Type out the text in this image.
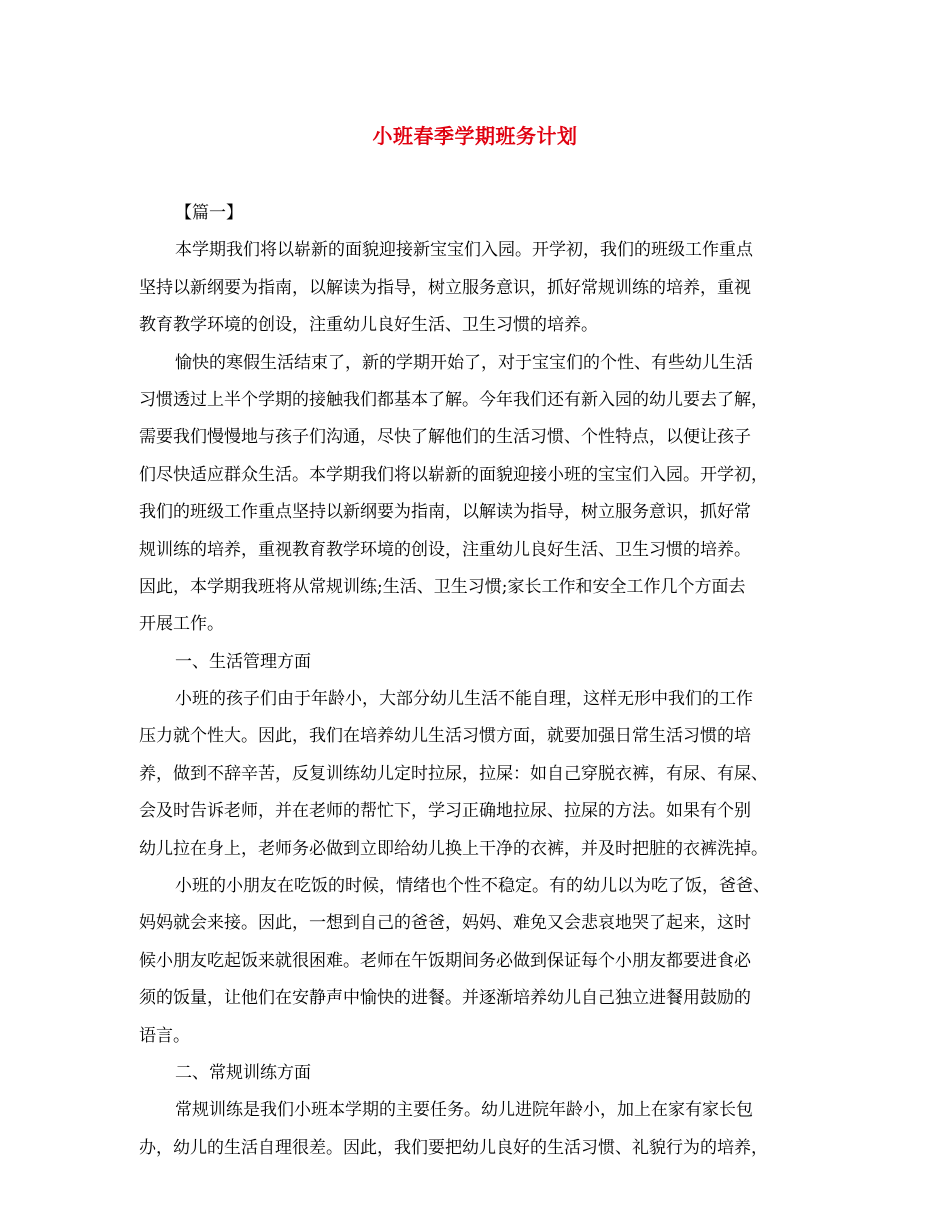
小班春季学期班务计划
【篇一】
本学期我们将以崭新的面貌迎接新宝宝们入园。开学初，我们的班级工作重点
坚持以新纲要为指南，以解读为指导，树立服务意识，抓好常规训练的培养，重视
教育教学环境的创设，注重幼儿良好生活、卫生习惯的培养。
愉快的寒假生活结束了，新的学期开始了，对于宝宝们的个性、有些幼儿生活
习惯透过上半个学期的接触我们都基本了解。今年我们还有新入园的幼儿要去了解，
需要我们慢慢地与孩子们沟通，尽快了解他们的生活习惯、个性特点，以便让孩子
们尽快适应群众生活。本学期我们将以崭新的面貌迎接小班的宝宝们入园。开学初，
我们的班级工作重点坚持以新纲要为指南，以解读为指导，树立服务意识，抓好常
规训练的培养，重视教育教学环境的创设，注重幼儿良好生活、卫生习惯的培养。
因此，本学期我班将从常规训练;生活、卫生习惯;家长工作和安全工作几个方面去
开展工作。
一、生活管理方面
小班的孩子们由于年龄小，大部分幼儿生活不能自理，这样无形中我们的工作
压力就个性大。因此，我们在培养幼儿生活习惯方面，就要加强日常生活习惯的培
养，做到不辞辛苦，反复训练幼儿定时拉尿，拉屎：如自己穿脱衣裤，有尿、有屎、
会及时告诉老师，并在老师的帮忙下，学习正确地拉尿、拉屎的方法。如果有个别
幼儿拉在身上，老师务必做到立即给幼儿换上干净的衣裤，并及时把脏的衣裤洗掉。
小班的小朋友在吃饭的时候，情绪也个性不稳定。有的幼儿以为吃了饭，爸爸、
妈妈就会来接。因此，一想到自己的爸爸，妈妈、难免又会悲哀地哭了起来，这时
候小朋友吃起饭来就很困难。老师在午饭期间务必做到保证每个小朋友都要进食必
须的饭量，让他们在安静声中愉快的进餐。并逐渐培养幼儿自己独立进餐用鼓励的
语言。
二、常规训练方面
常规训练是我们小班本学期的主要任务。幼儿进院年龄小，加上在家有家长包
办，幼儿的生活自理很差。因此，我们要把幼儿良好的生活习惯、礼貌行为的培养，
